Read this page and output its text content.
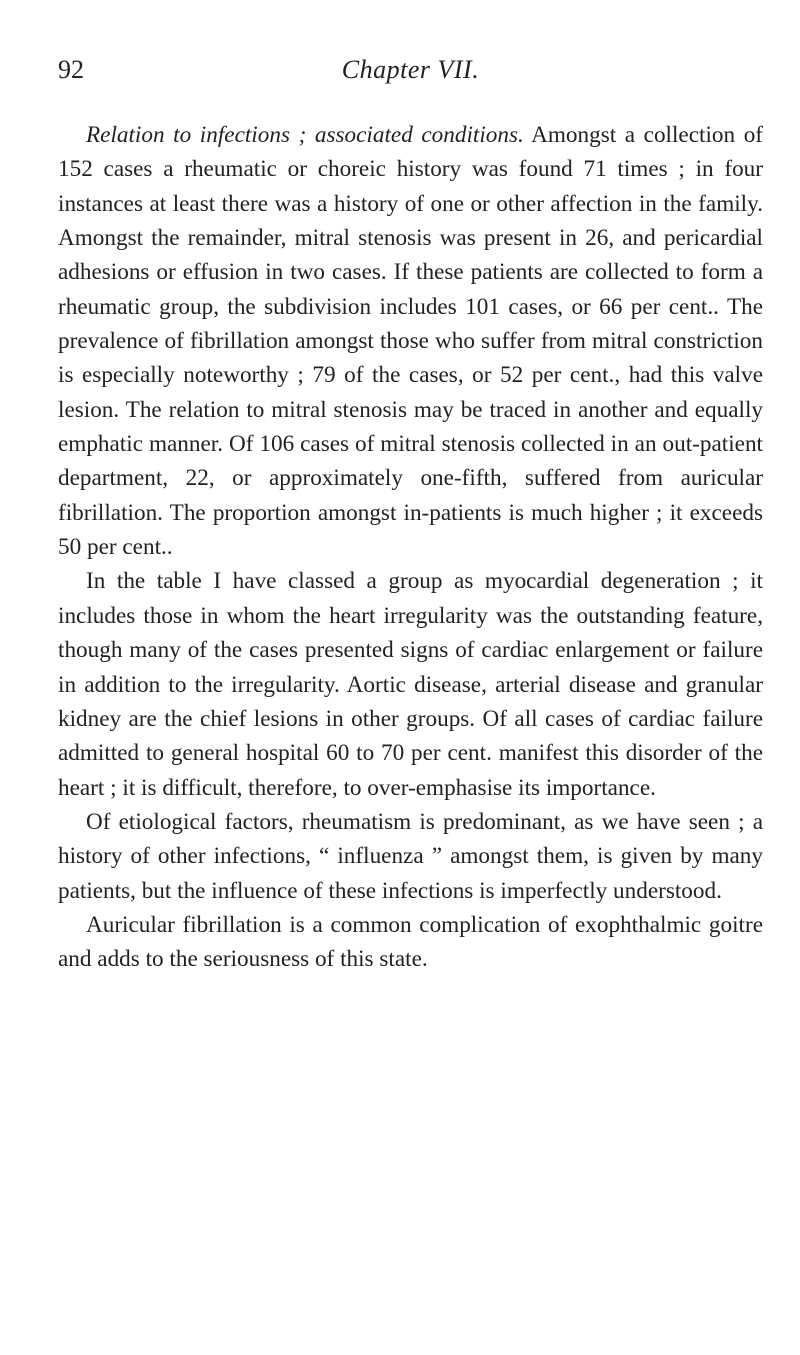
92	Chapter VII.

Relation to infections ; associated conditions. Amongst a collection of 152 cases a rheumatic or choreic history was found 71 times ; in four instances at least there was a history of one or other affection in the family. Amongst the remainder, mitral stenosis was present in 26, and pericardial adhesions or effusion in two cases. If these patients are collected to form a rheumatic group, the subdivision includes 101 cases, or 66 per cent.. The prevalence of fibrillation amongst those who suffer from mitral constriction is especially noteworthy ; 79 of the cases, or 52 per cent., had this valve lesion. The relation to mitral stenosis may be traced in another and equally emphatic manner. Of 106 cases of mitral stenosis collected in an out-patient department, 22, or approximately one-fifth, suffered from auricular fibrillation. The proportion amongst in-patients is much higher ; it exceeds 50 per cent..

In the table I have classed a group as myocardial degeneration ; it includes those in whom the heart irregularity was the outstanding feature, though many of the cases presented signs of cardiac enlargement or failure in addition to the irregularity. Aortic disease, arterial disease and granular kidney are the chief lesions in other groups. Of all cases of cardiac failure admitted to general hospital 60 to 70 per cent. manifest this disorder of the heart ; it is difficult, therefore, to over-emphasise its importance.

Of etiological factors, rheumatism is predominant, as we have seen ; a history of other infections, “ influenza ” amongst them, is given by many patients, but the influence of these infections is imperfectly understood.

Auricular fibrillation is a common complication of exophthalmic goitre and adds to the seriousness of this state.
